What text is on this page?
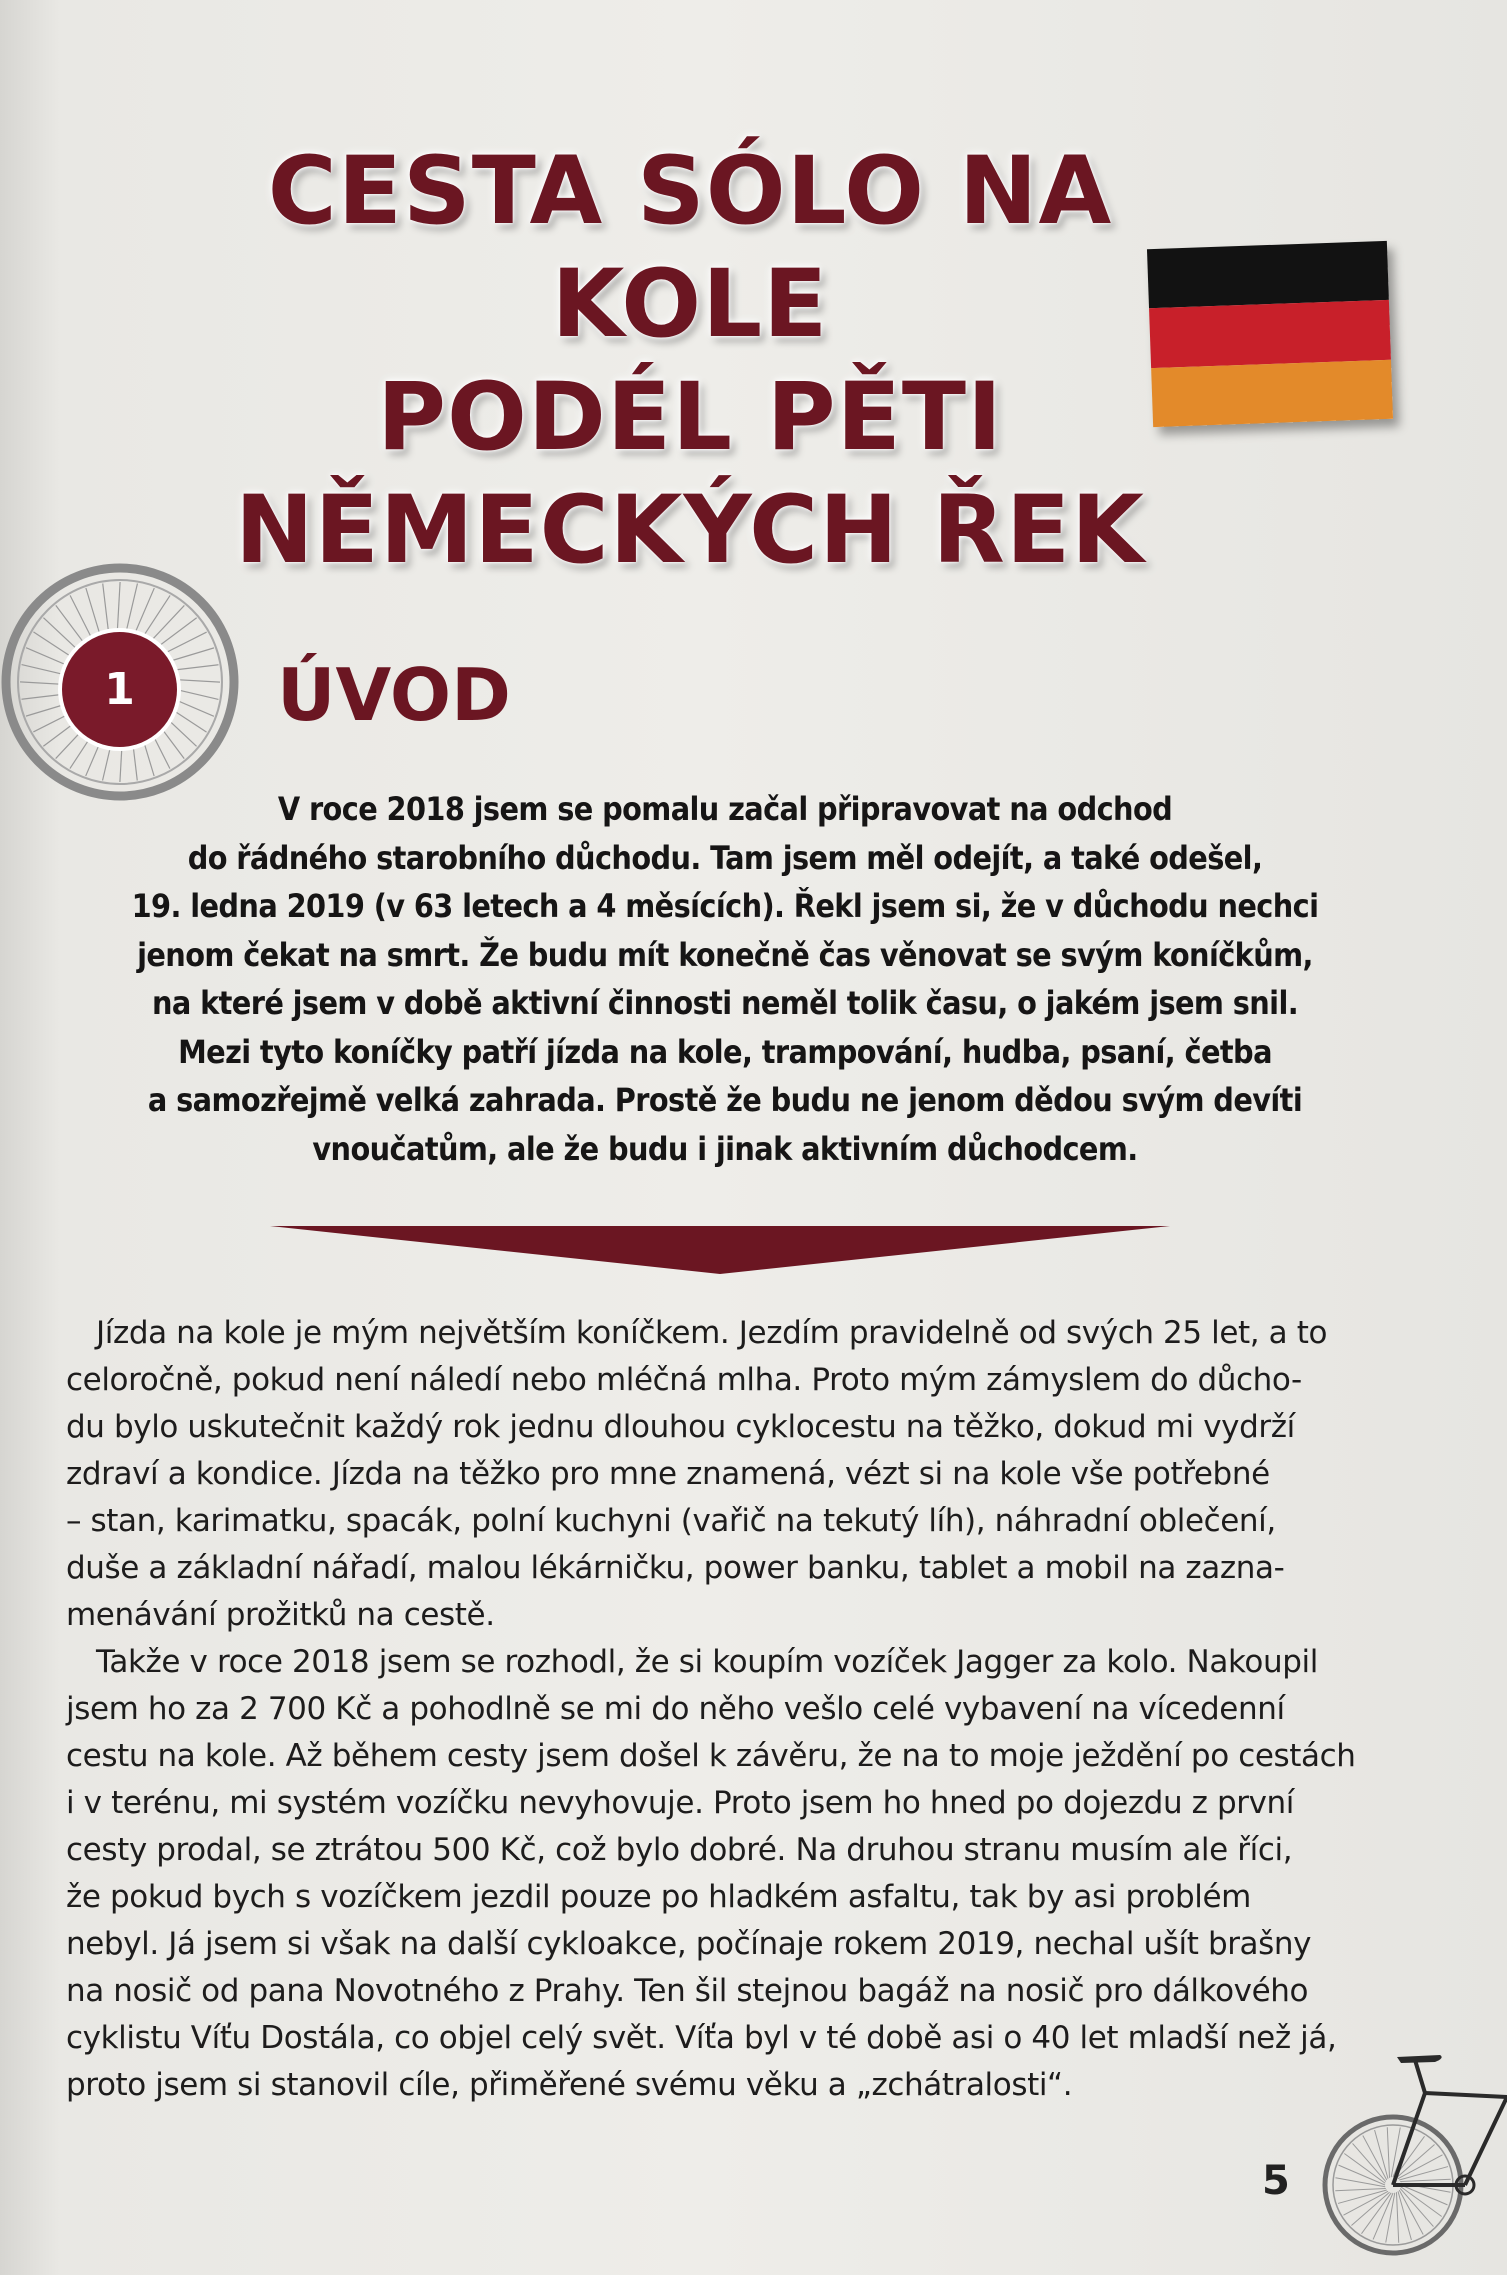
CESTA SÓLO NA KOLE
PODÉL PĚTI
NĚMECKÝCH ŘEK
1	ÚVOD

V roce 2018 jsem se pomalu začal připravovat na odchod
do řádného starobního důchodu. Tam jsem měl odejít, a také odešel,
19. ledna 2019 (v 63 letech a 4 měsících). Řekl jsem si, že v důchodu nechci
jenom čekat na smrt. Že budu mít konečně čas věnovat se svým koníčkům,
na které jsem v době aktivní činnosti neměl tolik času, o jakém jsem snil.
Mezi tyto koníčky patří jízda na kole, trampování, hudba, psaní, četba
a samozřejmě velká zahrada. Prostě že budu ne jenom dědou svým devíti
vnoučatům, ale že budu i jinak aktivním důchodcem.

Jízda na kole je mým největším koníčkem. Jezdím pravidelně od svých 25 let, a to
celoročně, pokud není náledí nebo mléčná mlha. Proto mým zámyslem do důcho-
du bylo uskutečnit každý rok jednu dlouhou cyklocestu na těžko, dokud mi vydrží
zdraví a kondice. Jízda na těžko pro mne znamená, vézt si na kole vše potřebné
– stan, karimatku, spacák, polní kuchyni (vařič na tekutý líh), náhradní oblečení,
duše a základní nářadí, malou lékárničku, power banku, tablet a mobil na zazna-
menávání prožitků na cestě.
Takže v roce 2018 jsem se rozhodl, že si koupím vozíček Jagger za kolo. Nakoupil
jsem ho za 2 700 Kč a pohodlně se mi do něho vešlo celé vybavení na vícedenní
cestu na kole. Až během cesty jsem došel k závěru, že na to moje ježdění po cestách
i v terénu, mi systém vozíčku nevyhovuje. Proto jsem ho hned po dojezdu z první
cesty prodal, se ztrátou 500 Kč, což bylo dobré. Na druhou stranu musím ale říci,
že pokud bych s vozíčkem jezdil pouze po hladkém asfaltu, tak by asi problém
nebyl. Já jsem si však na další cykloakce, počínaje rokem 2019, nechal ušít brašny
na nosič od pana Novotného z Prahy. Ten šil stejnou bagáž na nosič pro dálkového
cyklistu Víťu Dostála, co objel celý svět. Víťa byl v té době asi o 40 let mladší než já,
proto jsem si stanovil cíle, přiměřené svému věku a „zchátralosti“.

5
